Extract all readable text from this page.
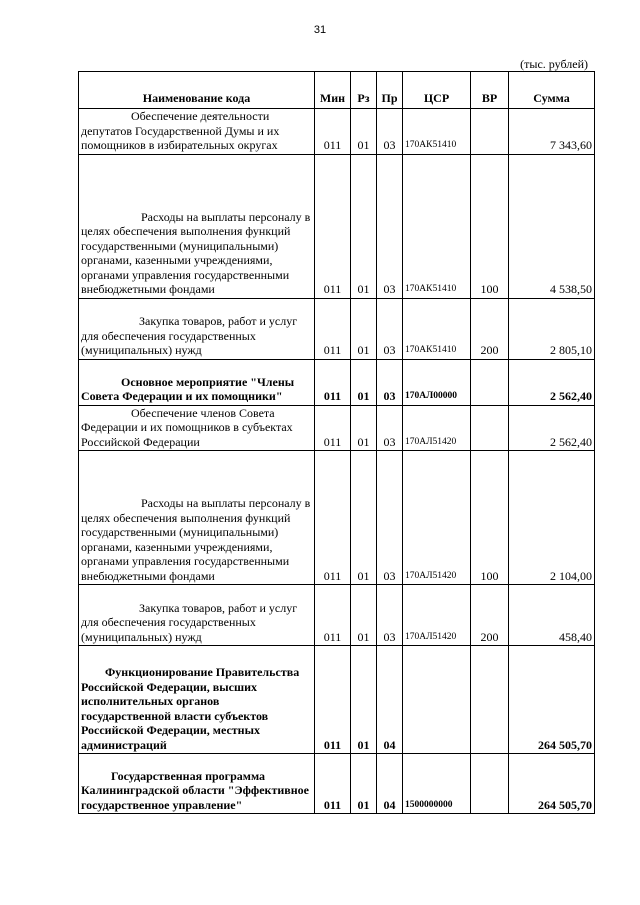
31
(тыс. рублей)
Наименование кода	Мин	Рз	Пр	ЦСР	ВР	Сумма

Обеспечение деятельности депутатов Государственной Думы и их помощников в избирательных округах	011	01	03	170АК51410		7 343,60

Расходы на выплаты персоналу в целях обеспечения выполнения функций государственными (муниципальными) органами, казенными учреждениями, органами управления государственными внебюджетными фондами	011	01	03	170АК51410	100	4 538,50

Закупка товаров, работ и услуг для обеспечения государственных (муниципальных) нужд	011	01	03	170АК51410	200	2 805,10

Основное мероприятие "Члены Совета Федерации и их помощники"	011	01	03	170АЛ00000		2 562,40

Обеспечение членов Совета Федерации и их помощников в субъектах Российской Федерации	011	01	03	170АЛ51420		2 562,40

Расходы на выплаты персоналу в целях обеспечения выполнения функций государственными (муниципальными) органами, казенными учреждениями, органами управления государственными внебюджетными фондами	011	01	03	170АЛ51420	100	2 104,00

Закупка товаров, работ и услуг для обеспечения государственных (муниципальных) нужд	011	01	03	170АЛ51420	200	458,40

Функционирование Правительства Российской Федерации, высших исполнительных органов государственной власти субъектов Российской Федерации, местных администраций	011	01	04			264 505,70

Государственная программа Калининградской области "Эффективное государственное управление"	011	01	04	1500000000		264 505,70
